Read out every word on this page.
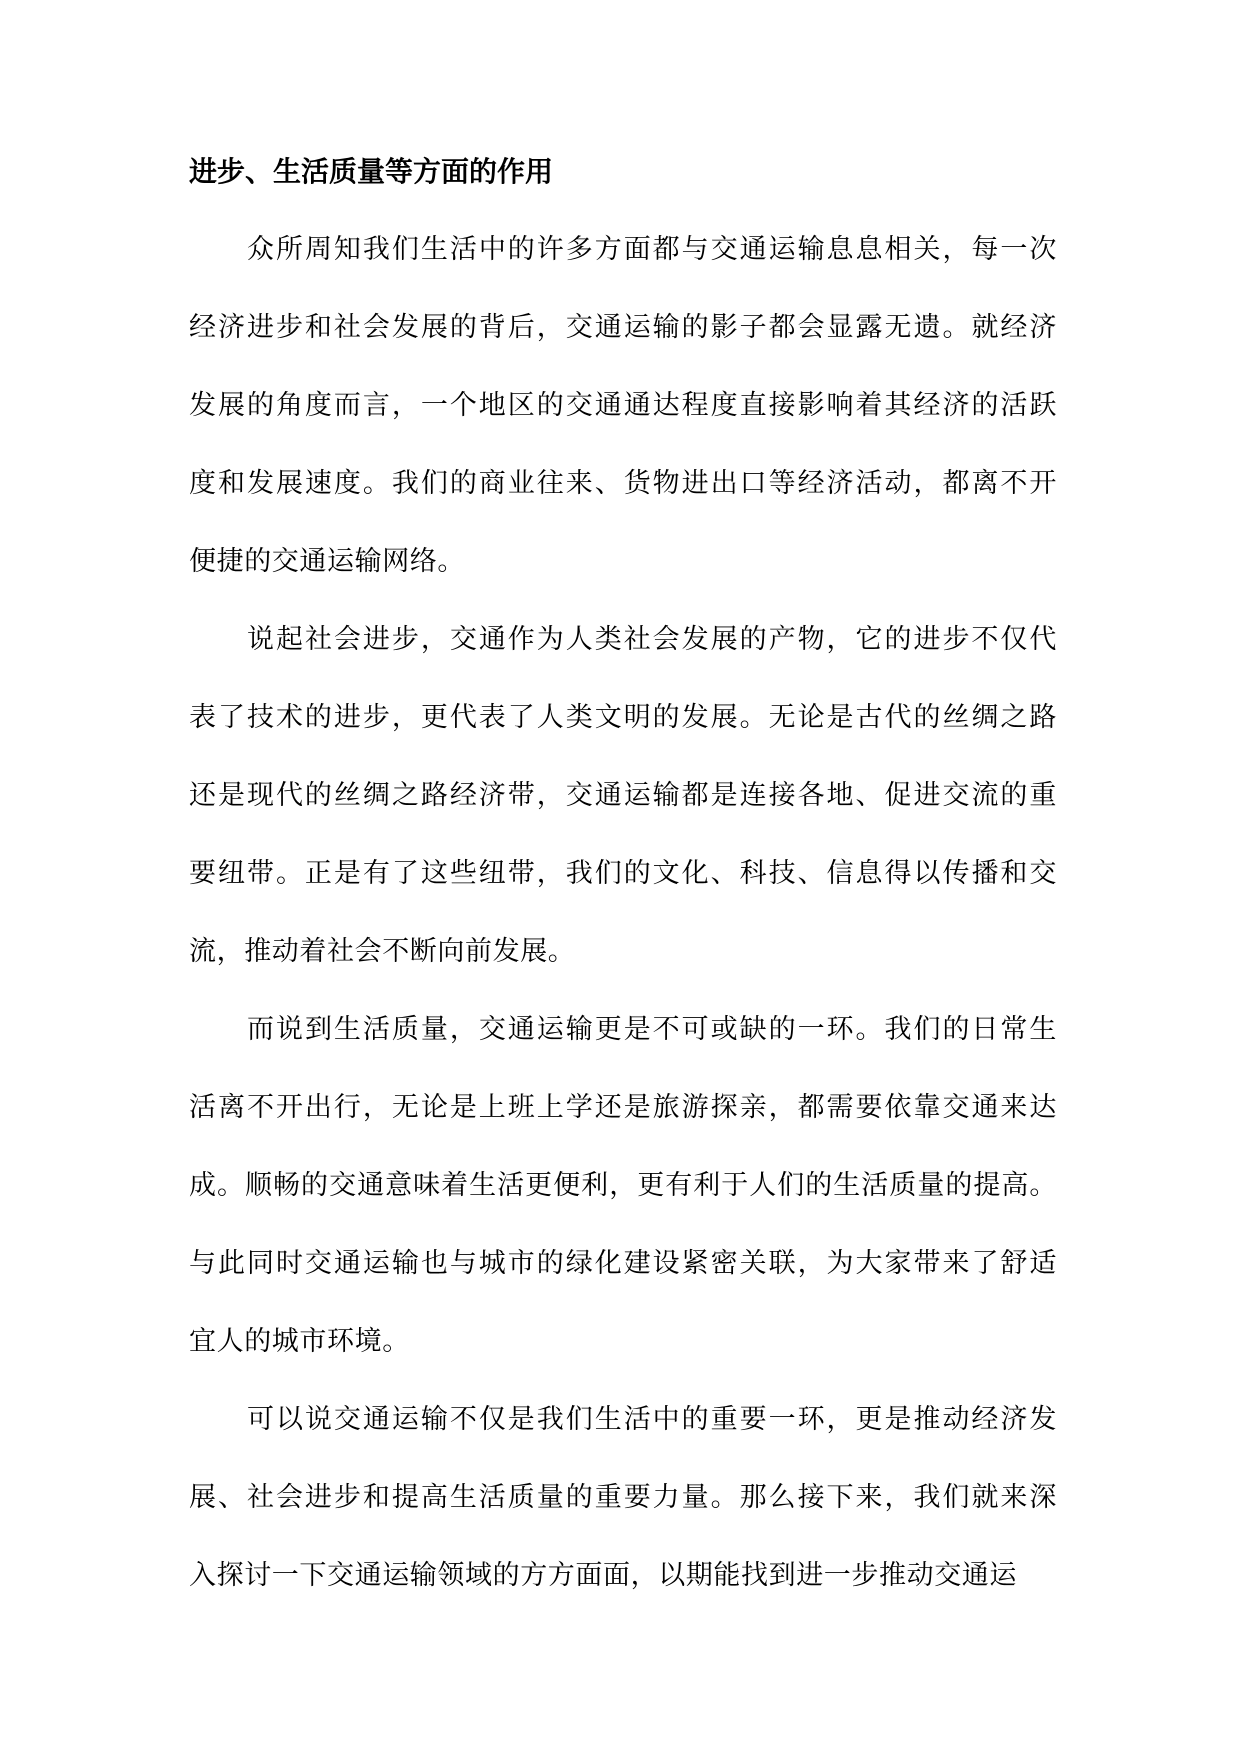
进步、生活质量等方面的作用
众所周知我们生活中的许多方面都与交通运输息息相关，每一次
经济进步和社会发展的背后，交通运输的影子都会显露无遗。就经济
发展的角度而言，一个地区的交通通达程度直接影响着其经济的活跃
度和发展速度。我们的商业往来、货物进出口等经济活动，都离不开
便捷的交通运输网络。
说起社会进步，交通作为人类社会发展的产物，它的进步不仅代
表了技术的进步，更代表了人类文明的发展。无论是古代的丝绸之路
还是现代的丝绸之路经济带，交通运输都是连接各地、促进交流的重
要纽带。正是有了这些纽带，我们的文化、科技、信息得以传播和交
流，推动着社会不断向前发展。
而说到生活质量，交通运输更是不可或缺的一环。我们的日常生
活离不开出行，无论是上班上学还是旅游探亲，都需要依靠交通来达
成。顺畅的交通意味着生活更便利，更有利于人们的生活质量的提高。
与此同时交通运输也与城市的绿化建设紧密关联，为大家带来了舒适
宜人的城市环境。
可以说交通运输不仅是我们生活中的重要一环，更是推动经济发
展、社会进步和提高生活质量的重要力量。那么接下来，我们就来深
入探讨一下交通运输领域的方方面面，以期能找到进一步推动交通运
